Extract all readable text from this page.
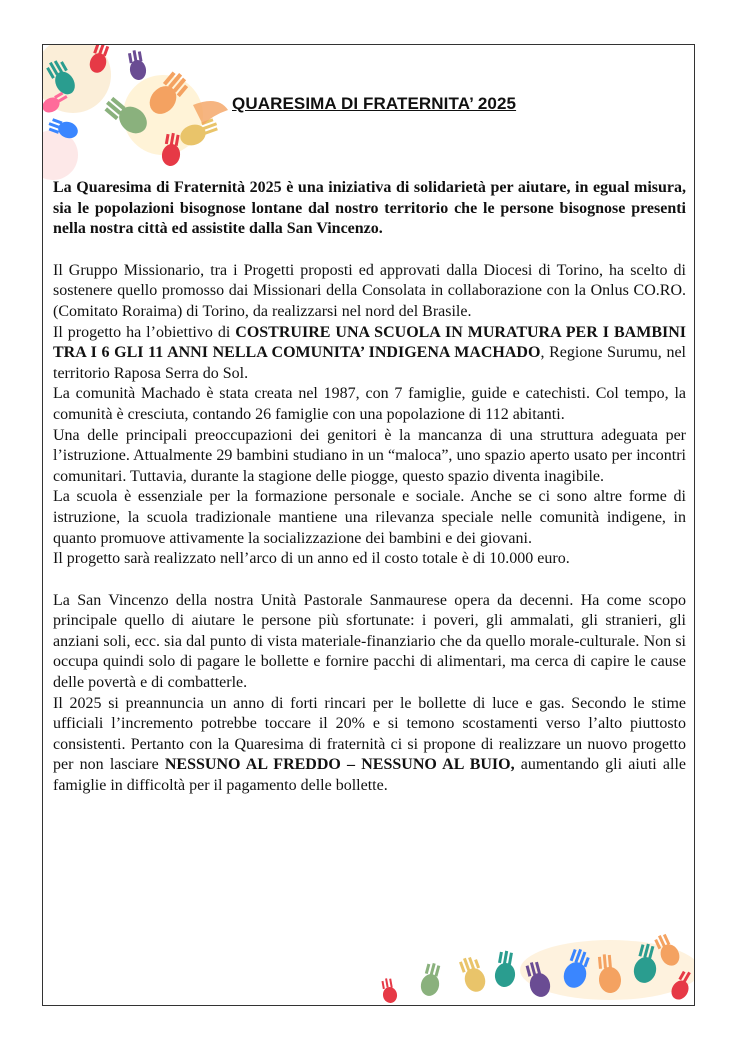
QUARESIMA DI FRATERNITA’ 2025

La Quaresima di Fraternità 2025 è una iniziativa di solidarietà per aiutare, in egual misura, sia le popolazioni bisognose lontane dal nostro territorio che le persone bisognose presenti nella nostra città ed assistite dalla San Vincenzo.

Il Gruppo Missionario, tra i Progetti proposti ed approvati dalla Diocesi di Torino, ha scelto di sostenere quello promosso dai Missionari della Consolata in collaborazione con la Onlus CO.RO. (Comitato Roraima) di Torino, da realizzarsi nel nord del Brasile.

Il progetto ha l’obiettivo di COSTRUIRE UNA SCUOLA IN MURATURA PER I BAMBINI TRA I 6 GLI 11 ANNI NELLA COMUNITA’ INDIGENA MACHADO, Regione Surumu, nel territorio Raposa Serra do Sol.

La comunità Machado è stata creata nel 1987, con 7 famiglie, guide e catechisti. Col tempo, la comunità è cresciuta, contando 26 famiglie con una popolazione di 112 abitanti.

Una delle principali preoccupazioni dei genitori è la mancanza di una struttura adeguata per l’istruzione. Attualmente 29 bambini studiano in un “maloca”, uno spazio aperto usato per incontri comunitari. Tuttavia, durante la stagione delle piogge, questo spazio diventa inagibile.

La scuola è essenziale per la formazione personale e sociale. Anche se ci sono altre forme di istruzione, la scuola tradizionale mantiene una rilevanza speciale nelle comunità indigene, in quanto promuove attivamente la socializzazione dei bambini e dei giovani.

Il progetto sarà realizzato nell’arco di un anno ed il costo totale è di 10.000 euro.

La San Vincenzo della nostra Unità Pastorale Sanmaurese opera da decenni. Ha come scopo principale quello di aiutare le persone più sfortunate: i poveri, gli ammalati, gli stranieri, gli anziani soli, ecc. sia dal punto di vista materiale-finanziario che da quello morale-culturale. Non si occupa quindi solo di pagare le bollette e fornire pacchi di alimentari, ma cerca di capire le cause delle povertà e di combatterle.

Il 2025 si preannuncia un anno di forti rincari per le bollette di luce e gas. Secondo le stime ufficiali l’incremento potrebbe toccare il 20% e si temono scostamenti verso l’alto piuttosto consistenti. Pertanto con la Quaresima di fraternità ci si propone di realizzare un nuovo progetto per non lasciare NESSUNO AL FREDDO – NESSUNO AL BUIO, aumentando gli aiuti alle famiglie in difficoltà per il pagamento delle bollette.
